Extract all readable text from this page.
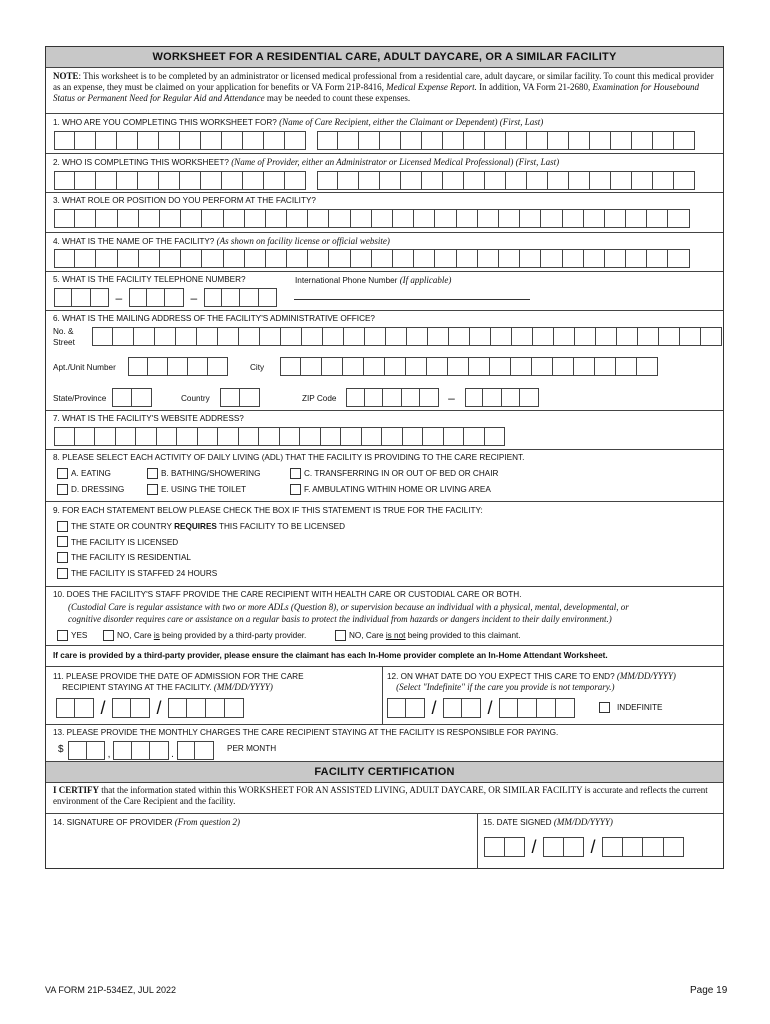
WORKSHEET FOR A RESIDENTIAL CARE, ADULT DAYCARE, OR A SIMILAR FACILITY
NOTE: This worksheet is to be completed by an administrator or licensed medical professional from a residential care, adult daycare, or similar facility. To count this medical provider as an expense, they must be claimed on your application for benefits or VA Form 21P-8416, Medical Expense Report. In addition, VA Form 21-2680, Examination for Housebound Status or Permanent Need for Regular Aid and Attendance may be needed to count these expenses.
1. WHO ARE YOU COMPLETING THIS WORKSHEET FOR? (Name of Care Recipient, either the Claimant or Dependent) (First, Last)
2. WHO IS COMPLETING THIS WORKSHEET? (Name of Provider, either an Administrator or Licensed Medical Professional) (First, Last)
3. WHAT ROLE OR POSITION DO YOU PERFORM AT THE FACILITY?
4. WHAT IS THE NAME OF THE FACILITY? (As shown on facility license or official website)
5. WHAT IS THE FACILITY TELEPHONE NUMBER?	International Phone Number (If applicable)
–	–
6. WHAT IS THE MAILING ADDRESS OF THE FACILITY'S ADMINISTRATIVE OFFICE?
No. &
Street
Apt./Unit Number	City
State/Province	Country	ZIP Code	–
7. WHAT IS THE FACILITY'S WEBSITE ADDRESS?
8. PLEASE SELECT EACH ACTIVITY OF DAILY LIVING (ADL) THAT THE FACILITY IS PROVIDING TO THE CARE RECIPIENT.
A. EATING	B. BATHING/SHOWERING	C. TRANSFERRING IN OR OUT OF BED OR CHAIR
D. DRESSING	E. USING THE TOILET	F. AMBULATING WITHIN HOME OR LIVING AREA
9. FOR EACH STATEMENT BELOW PLEASE CHECK THE BOX IF THIS STATEMENT IS TRUE FOR THE FACILITY:
THE STATE OR COUNTRY REQUIRES THIS FACILITY TO BE LICENSED
THE FACILITY IS LICENSED
THE FACILITY IS RESIDENTIAL
THE FACILITY IS STAFFED 24 HOURS
10. DOES THE FACILITY'S STAFF PROVIDE THE CARE RECIPIENT WITH HEALTH CARE OR CUSTODIAL CARE OR BOTH.
(Custodial Care is regular assistance with two or more ADLs (Question 8), or supervision because an individual with a physical, mental, developmental, or
cognitive disorder requires care or assistance on a regular basis to protect the individual from hazards or dangers incident to their daily environment.)
YES	NO, Care is being provided by a third-party provider.	NO, Care is not being provided to this claimant.
If care is provided by a third-party provider, please ensure the claimant has each In-Home provider complete an In-Home Attendant Worksheet.
11. PLEASE PROVIDE THE DATE OF ADMISSION FOR THE CARE
RECIPIENT STAYING AT THE FACILITY. (MM/DD/YYYY)
/	/
12. ON WHAT DATE DO YOU EXPECT THIS CARE TO END? (MM/DD/YYYY)
(Select "Indefinite" if the care you provide is not temporary.)
/	/	INDEFINITE
13. PLEASE PROVIDE THE MONTHLY CHARGES THE CARE RECIPIENT STAYING AT THE FACILITY IS RESPONSIBLE FOR PAYING.
$	,	.
PER MONTH
FACILITY CERTIFICATION
I CERTIFY that the information stated within this WORKSHEET FOR AN ASSISTED LIVING, ADULT DAYCARE, OR SIMILAR FACILITY is accurate and reflects the current environment of the Care Recipient and the facility.
14. SIGNATURE OF PROVIDER (From question 2)	15. DATE SIGNED (MM/DD/YYYY)
/	/
VA FORM 21P-534EZ, JUL 2022	Page 19
